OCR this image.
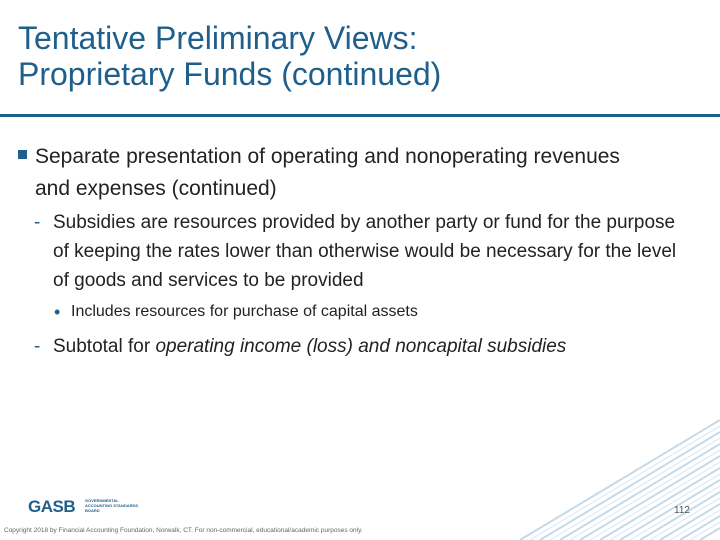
Tentative Preliminary Views:
Proprietary Funds (continued)
Separate presentation of operating and nonoperating revenues and expenses (continued)
- Subsidies are resources provided by another party or fund for the purpose of keeping the rates lower than otherwise would be necessary for the level of goods and services to be provided
• Includes resources for purchase of capital assets
- Subtotal for operating income (loss) and noncapital subsidies
GASB GOVERNMENTAL ACCOUNTING STANDARDS BOARD	112
Copyright 2018 by Financial Accounting Foundation, Norwalk, CT. For non-commercial, educational/academic purposes only.
